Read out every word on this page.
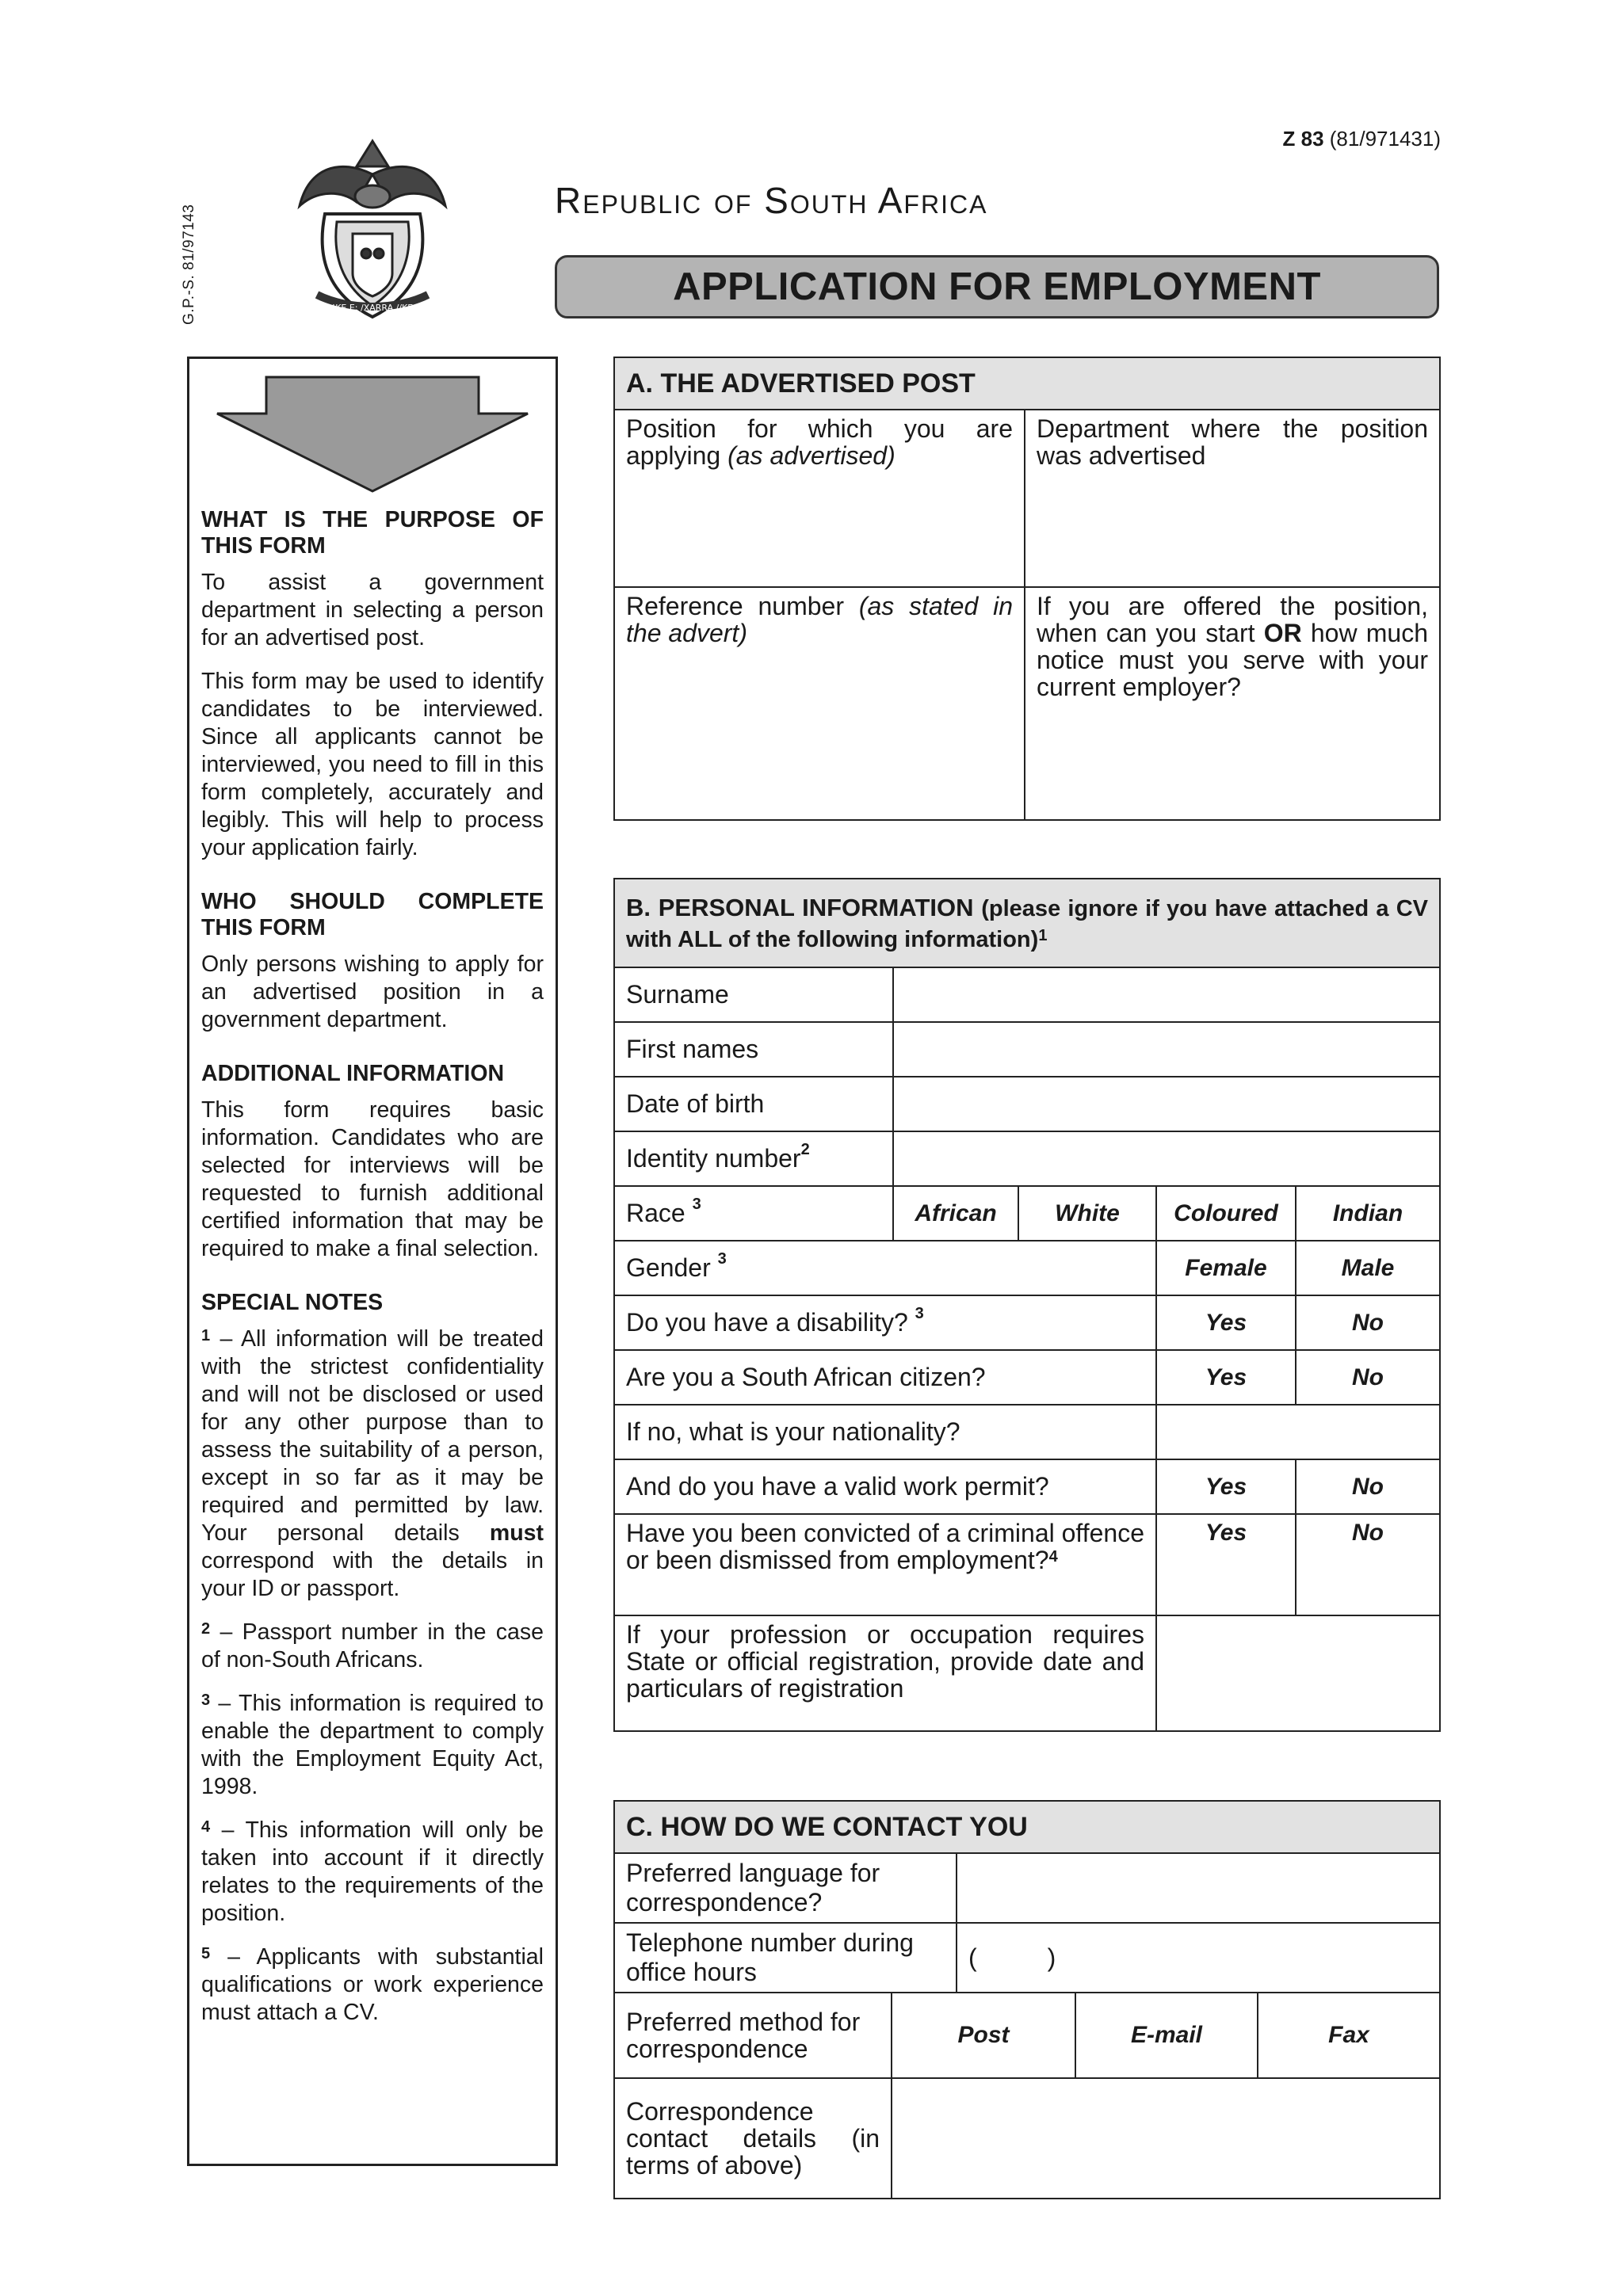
Z 83 (81/971431)
G.P.-S. 81/97143	!KE E: /XARRA //KE
Republic of South Africa
APPLICATION FOR EMPLOYMENT
WHAT IS THE PURPOSE OF THIS FORM

To assist a government department in selecting a person for an advertised post.

This form may be used to identify candidates to be interviewed. Since all applicants cannot be interviewed, you need to fill in this form completely, accurately and legibly. This will help to process your application fairly.

WHO SHOULD COMPLETE THIS FORM

Only persons wishing to apply for an advertised position in a government department.

ADDITIONAL INFORMATION

This form requires basic information. Candidates who are selected for interviews will be requested to furnish additional certified information that may be required to make a final selection.

SPECIAL NOTES

$^1$ – All information will be treated with the strictest confidentiality and will not be disclosed or used for any other purpose than to assess the suitability of a person, except in so far as it may be required and permitted by law. Your personal details must correspond with the details in your ID or passport.

$^2$ – Passport number in the case of non-South Africans.

$^3$ – This information is required to enable the department to comply with the Employment Equity Act, 1998.

$^4$ – This information will only be taken into account if it directly relates to the requirements of the position.

$^5$ – Applicants with substantial qualifications or work experience must attach a CV.

A. THE ADVERTISED POST	
Position for which you are applying (as advertised)	Department where the position was advertised
Reference number (as stated in the advert)	If you are offered the position, when can you start OR how much notice must you serve with your current employer?
B. PERSONAL INFORMATION (please ignore if you have attached a CV with ALL of the following information)$^1$
Surname				
First names				
Date of birth				
Identity number$^2$	
Race $^3$	African	White	Coloured	Indian
Gender $^3$			Female	Male
Do you have a disability? $^3$			Yes	No
Are you a South African citizen?			Yes	No
If no, what is your nationality?				
And do you have a valid work permit?			Yes	No
Have you been convicted of a criminal offence or been dismissed from employment?$^4$			Yes	No
If your profession or occupation requires State or official registration, provide date and particulars of registration				
C. HOW DO WE CONTACT YOU				
Preferred language for correspondence?				
Telephone number during office hours		(          )		
Preferred method for correspondence	Post		E-mail	Fax
Correspondence contact details (in terms of above)				
